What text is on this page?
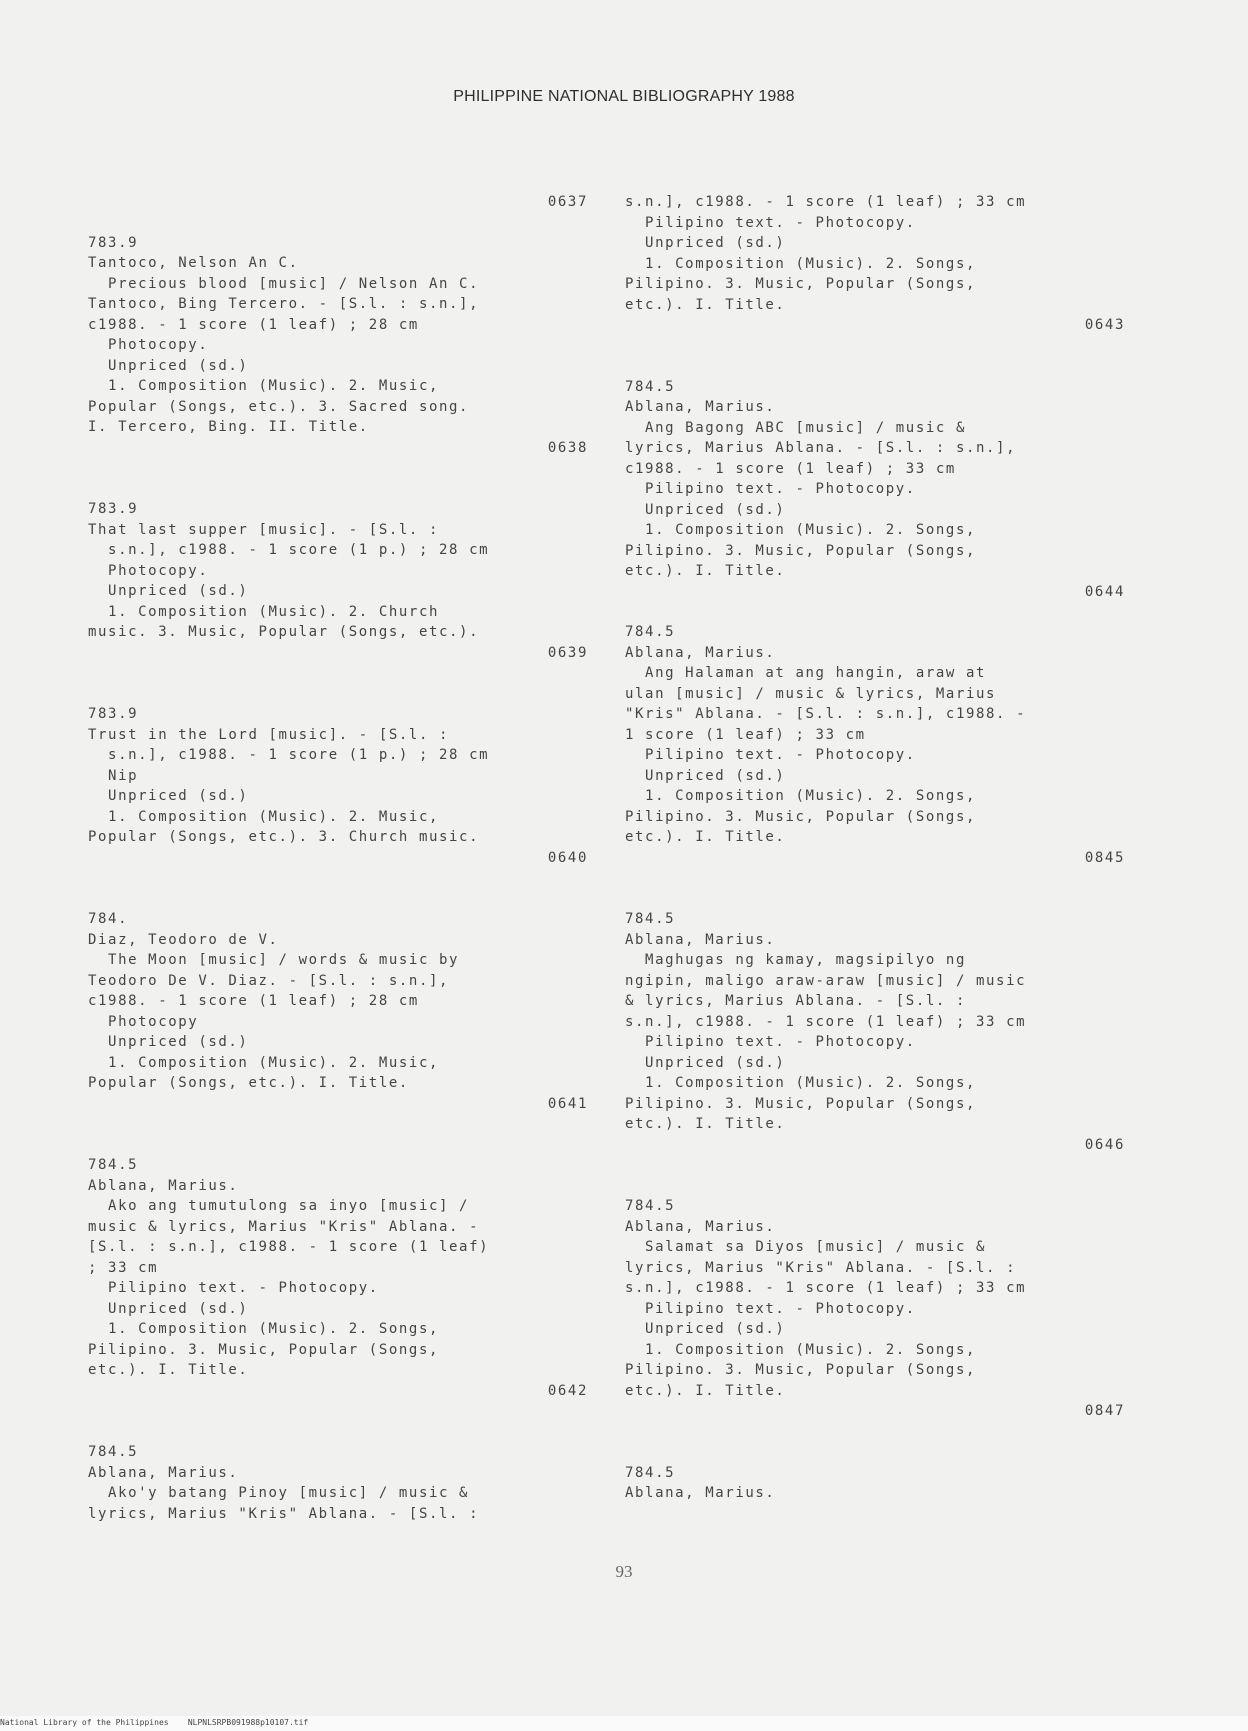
PHILIPPINE NATIONAL BIBLIOGRAPHY 1988
0637
783.9
Tantoco, Nelson An C.
Precious blood [music] / Nelson An C.
Tantoco, Bing Tercero. - [S.l. : s.n.],
c1988. - 1 score (1 leaf) ; 28 cm
Photocopy.
Unpriced (sd.)
1. Composition (Music). 2. Music,
Popular (Songs, etc.). 3. Sacred song.
I. Tercero, Bing. II. Title.
0638
783.9
That last supper [music]. - [S.l. :
s.n.], c1988. - 1 score (1 p.) ; 28 cm
Photocopy.
Unpriced (sd.)
1. Composition (Music). 2. Church
music. 3. Music, Popular (Songs, etc.).
0639
783.9
Trust in the Lord [music]. - [S.l. :
s.n.], c1988. - 1 score (1 p.) ; 28 cm
Nip
Unpriced (sd.)
1. Composition (Music). 2. Music,
Popular (Songs, etc.). 3. Church music.
0640
784.
Diaz, Teodoro de V.
The Moon [music] / words & music by
Teodoro De V. Diaz. - [S.l. : s.n.],
c1988. - 1 score (1 leaf) ; 28 cm
Photocopy
Unpriced (sd.)
1. Composition (Music). 2. Music,
Popular (Songs, etc.). I. Title.
0641
784.5
Ablana, Marius.
Ako ang tumutulong sa inyo [music] /
music & lyrics, Marius "Kris" Ablana. -
[S.l. : s.n.], c1988. - 1 score (1 leaf)
; 33 cm
Pilipino text. - Photocopy.
Unpriced (sd.)
1. Composition (Music). 2. Songs,
Pilipino. 3. Music, Popular (Songs,
etc.). I. Title.
0642
784.5
Ablana, Marius.
Ako'y batang Pinoy [music] / music &
lyrics, Marius "Kris" Ablana. - [S.l. :
s.n.], c1988. - 1 score (1 leaf) ; 33 cm
Pilipino text. - Photocopy.
Unpriced (sd.)
1. Composition (Music). 2. Songs,
Pilipino. 3. Music, Popular (Songs,
etc.). I. Title.
0643
784.5
Ablana, Marius.
Ang Bagong ABC [music] / music &
lyrics, Marius Ablana. - [S.l. : s.n.],
c1988. - 1 score (1 leaf) ; 33 cm
Pilipino text. - Photocopy.
Unpriced (sd.)
1. Composition (Music). 2. Songs,
Pilipino. 3. Music, Popular (Songs,
etc.). I. Title.
0644
784.5
Ablana, Marius.
Ang Halaman at ang hangin, araw at
ulan [music] / music & lyrics, Marius
"Kris" Ablana. - [S.l. : s.n.], c1988. -
1 score (1 leaf) ; 33 cm
Pilipino text. - Photocopy.
Unpriced (sd.)
1. Composition (Music). 2. Songs,
Pilipino. 3. Music, Popular (Songs,
etc.). I. Title.
0845
784.5
Ablana, Marius.
Maghugas ng kamay, magsipilyo ng
ngipin, maligo araw-araw [music] / music
& lyrics, Marius Ablana. - [S.l. :
s.n.], c1988. - 1 score (1 leaf) ; 33 cm
Pilipino text. - Photocopy.
Unpriced (sd.)
1. Composition (Music). 2. Songs,
Pilipino. 3. Music, Popular (Songs,
etc.). I. Title.
0646
784.5
Ablana, Marius.
Salamat sa Diyos [music] / music &
lyrics, Marius "Kris" Ablana. - [S.l. :
s.n.], c1988. - 1 score (1 leaf) ; 33 cm
Pilipino text. - Photocopy.
Unpriced (sd.)
1. Composition (Music). 2. Songs,
Pilipino. 3. Music, Popular (Songs,
etc.). I. Title.
0847
784.5
Ablana, Marius.
93
National Library of the Philippines    NLPNLSRPB091988p10107.tif
